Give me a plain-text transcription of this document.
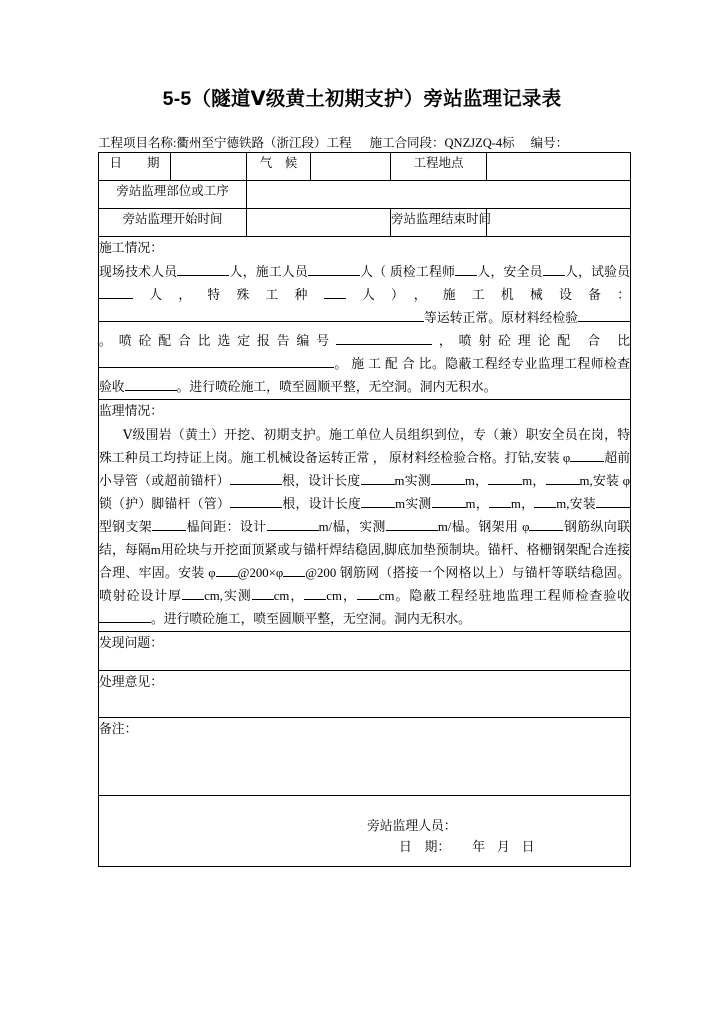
5-5（隧道Ⅴ级黄土初期支护）旁站监理记录表
工程项目名称:衢州至宁德铁路（浙江段）工程 施工合同段：QNZJZQ-4标 编号：
日　　期		气　候		工程地点	
旁站监理部位或工序					
旁站监理开始时间				旁站监理结束时间	

施工情况：

现场技术人员 人，施工人员 人（ 质检工程师 人，安全员 人，试验员人，特殊工种 人），施工机械设备：等运转正常。原材料经检验。喷砼配合比选定报告编号 ，喷射砼理论配 合 比。 施 工 配 合 比。隐蔽工程经专业监理工程师检查验收 。进行喷砼施工，喷至圆顺平整，无空洞。洞内无积水。					

监理情况：

Ⅴ级围岩（黄土）开挖、初期支护。施工单位人员组织到位，专（兼）职安全员在岗，特殊工种员工均持证上岗。施工机械设备运转正常 ， 原材料经检验合格。打钻,安装 φ 超前小导管（或超前锚杆） 根，设计长度 m实测 m， m， m,安装 φ锁（护）脚锚杆（管） 根，设计长度 m实测 m， m， m,安装型钢支架 榀间距：设计 m/榀，实测 m/榀。钢架用 φ 钢筋纵向联结，每隔m用砼块与开挖面顶紧或与锚杆焊结稳固,脚底加垫预制块。锚杆、格栅钢架配合连接合理、牢固。安装 φ @200×φ @200 钢筋网（搭接一个网格以上）与锚杆等联结稳固。喷射砼设计厚 cm,实测 cm， cm， cm。隐蔽工程经驻地监理工程师检查验收。进行喷砼施工，喷至圆顺平整，无空洞。洞内无积水。					

发现问题：					

处理意见：					

备注：					

旁站监理人员：
日　期： 年 月 日					
